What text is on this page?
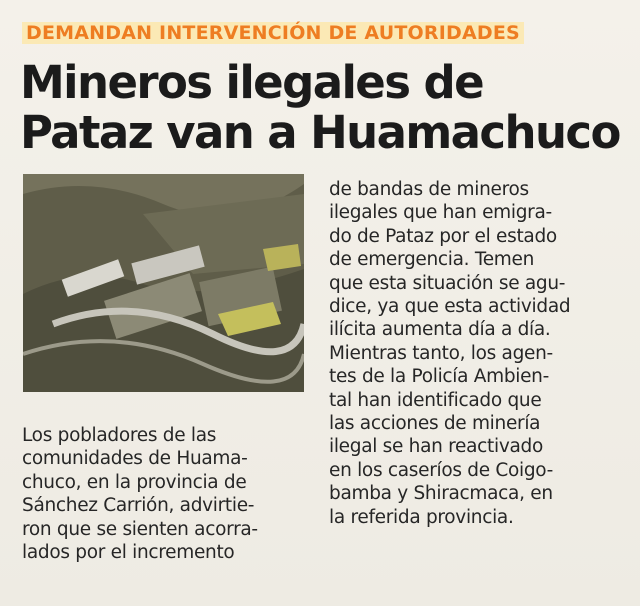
DEMANDAN INTERVENCIÓN DE AUTORIDADES
Mineros ilegales de
Pataz van a Huamachuco
Los pobladores de las
comunidades de Huama-
chuco, en la provincia de
Sánchez Carrión, advirtie-
ron que se sienten acorra-
lados por el incremento
de bandas de mineros
ilegales que han emigra-
do de Pataz por el estado
de emergencia. Temen
que esta situación se agu-
dice, ya que esta actividad
ilícita aumenta día a día.
Mientras tanto, los agen-
tes de la Policía Ambien-
tal han identificado que
las acciones de minería
ilegal se han reactivado
en los caseríos de Coigo-
bamba y Shiracmaca, en
la referida provincia.
